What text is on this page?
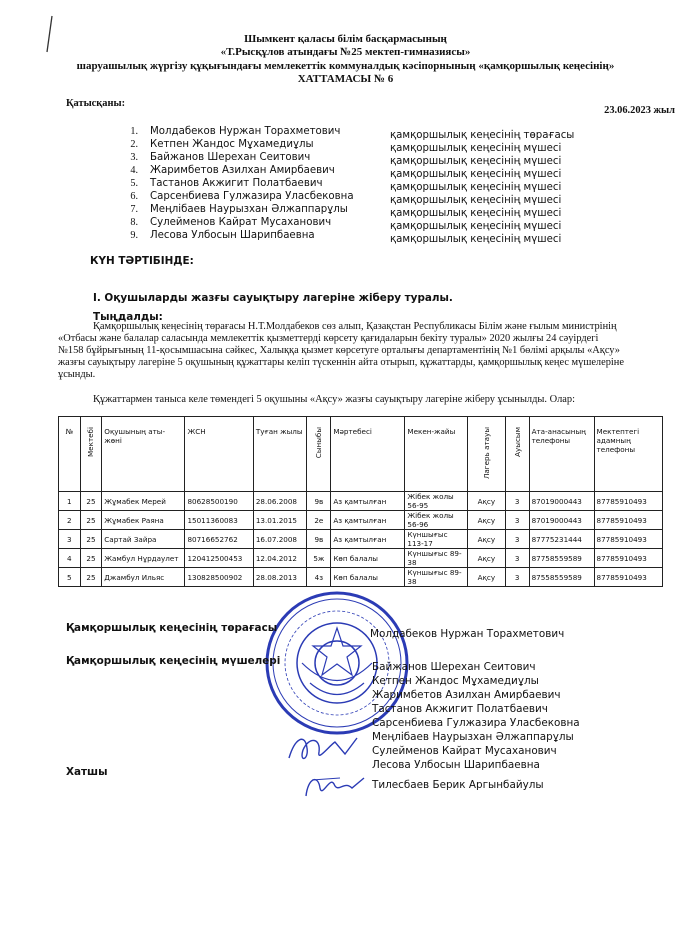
Шымкент қаласы білім басқармасының
«Т.Рысқұлов атындағы №25 мектеп-гимназиясы»
шаруашылық жүргізу құқығындағы мемлекеттік коммуналдық кәсіпорнының «қамқоршылық кеңесінің»
ХАТТАМАСЫ № 6
Қатысқаны:
23.06.2023 жыл
1. Молдабеков Нуржан Торахметович	қамқоршылық кеңесінің төрағасы
2. Кетпен Жандос Мұхамедиұлы	қамқоршылық кеңесінің мүшесі
3. Байжанов Шерехан Сеитович	қамқоршылық кеңесінің мүшесі
4. Жаримбетов Азилхан Амирбаевич	қамқоршылық кеңесінің мүшесі
5. Тастанов Акжигит Полатбаевич	қамқоршылық кеңесінің мүшесі
6. Сарсенбиева Гулжазира Уласбековна	қамқоршылық кеңесінің мүшесі
7. Меңлібаев Наурызхан Әлжаппарұлы	қамқоршылық кеңесінің мүшесі
8. Сулейменов Кайрат Мусаханович	қамқоршылық кеңесінің мүшесі
9. Лесова Улбосын Шарипбаевна	қамқоршылық кеңесінің мүшесі
КҮН ТӘРТІБІНДЕ:
I. Оқушыларды жазғы сауықтыру лагеріне жіберу туралы.
Тыңдалды:
Қамқоршылық кеңесінің төрағасы Н.Т.Молдабеков сөз алып, Қазақстан Республикасы Білім және ғылым министрінің
«Отбасы және балалар саласында мемлекеттік қызметтерді көрсету қағидаларын бекіту туралы» 2020 жылғы 24 сәуірдегі
№158 бұйрығының 11-қосымшасына сәйкес, Халыққа қызмет көрсетуге орталығы департаментінің №1 бөлімі арқылы «Ақсу»
жазғы сауықтыру лагеріне 5 оқушының құжаттары келіп түскеннін айта отырып, құжаттарды, қамқоршылық кеңес мүшелеріне
ұсынды.
Құжаттармен таныса келе төмендегі 5 оқушыны «Ақсу» жазғы сауықтыру лагеріне жіберу ұсынылды. Олар:
№	Мектебі	Оқушының аты-жөні	ЖСН	Туған жылы	Сыныбы	Мәртебесі	Мекен-жайы	Лагерь атауы	Ауысым	Ата-анасының телефоны	Мектептегі адамның телефоны
1	25	Жұмабек Мерей	80628500190	28.06.2008	9в	Аз қамтылған	Жібек жолы 56-95	Ақсу	3	87019000443	87785910493
2	25	Жұмабек Раяна	15011360083	13.01.2015	2е	Аз қамтылған	Жібек жолы 56-96	Ақсу	3	87019000443	87785910493
3	25	Сартай Зайра	80716652762	16.07.2008	9в	Аз қамтылған	Күншығыс 113-17	Ақсу	3	87775231444	87785910493
4	25	Жамбул Нұрдаулет	120412500453	12.04.2012	5ж	Көп балалы	Күншығыс 89-38	Ақсу	3	87758559589	87785910493
5	25	Джамбул Ильяс	130828500902	28.08.2013	4з	Көп балалы	Күншығыс 89-38	Ақсу	3	87558559589	87785910493
Қамқоршылық кеңесінің төрағасы
Қамқоршылық кеңесінің мүшелері
Хатшы
Молдабеков Нуржан Торахметович
Байжанов Шерехан Сеитович
Кетпен Жандос Мұхамедиұлы
Жаримбетов Азилхан Амирбаевич
Тастанов Акжигит Полатбаевич
Сарсенбиева Гулжазира Уласбековна
Меңлібаев Наурызхан Әлжаппарұлы
Сулейменов Кайрат Мусаханович
Лесова Улбосын Шарипбаевна
Тилесбаев Берик Аргынбайулы
